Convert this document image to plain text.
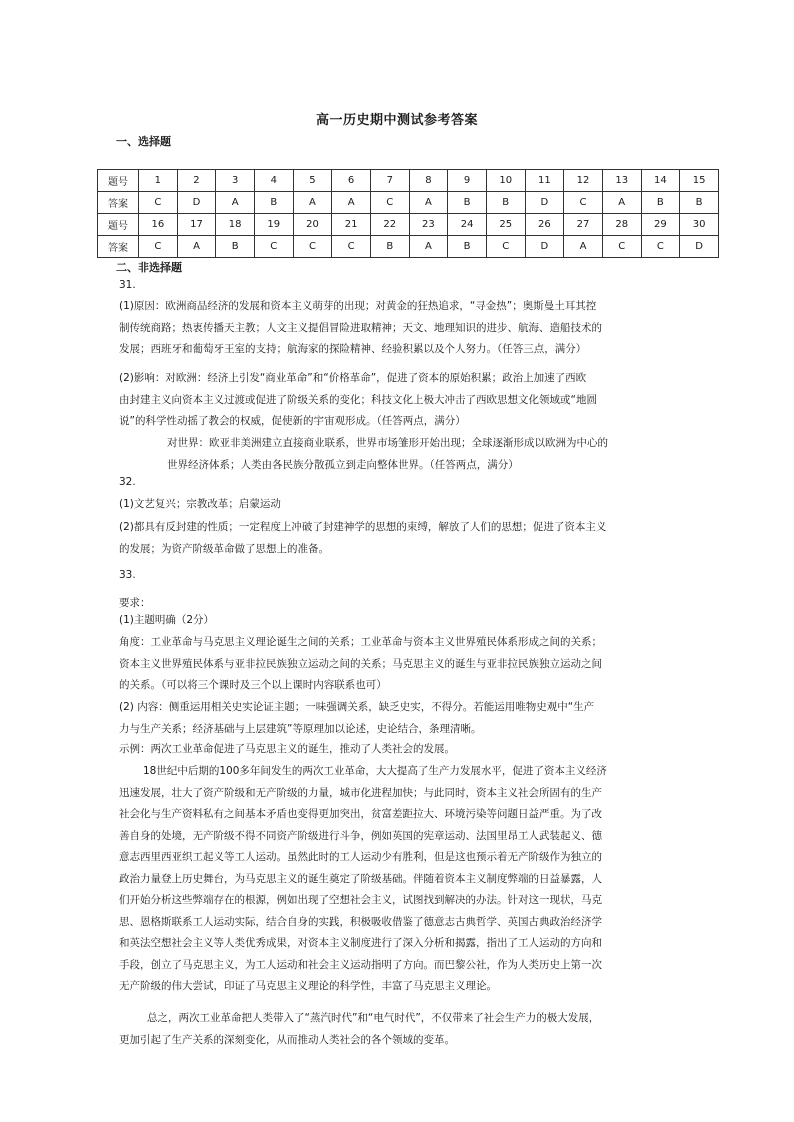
高一历史期中测试参考答案
一、选择题
题号	1	2	3	4	5	6	7	8	9	10	11	12	13	14	15
答案	C	D	A	B	A	A	C	A	B	B	D	C	A	B	B
题号	16	17	18	19	20	21	22	23	24	25	26	27	28	29	30
答案	C	A	B	C	C	C	B	A	B	C	D	A	C	C	D
二、非选择题
31.
(1)原因：欧洲商品经济的发展和资本主义萌芽的出现；对黄金的狂热追求，“寻金热”；奥斯曼土耳其控
制传统商路；热衷传播天主教；人文主义提倡冒险进取精神；天文、地理知识的进步、航海、造船技术的
发展；西班牙和葡萄牙王室的支持；航海家的探险精神、经验积累以及个人努力。（任答三点，满分）
(2)影响：对欧洲：经济上引发“商业革命”和“价格革命”，促进了资本的原始积累；政治上加速了西欧
由封建主义向资本主义过渡或促进了阶级关系的变化；科技文化上极大冲击了西欧思想文化领域或“地圆
说”的科学性动摇了教会的权威，促使新的宇宙观形成。（任答两点，满分）
对世界：欧亚非美洲建立直接商业联系，世界市场雏形开始出现；全球逐渐形成以欧洲为中心的
世界经济体系；人类由各民族分散孤立到走向整体世界。（任答两点，满分）
32.
(1)文艺复兴；宗教改革；启蒙运动
(2)都具有反封建的性质；一定程度上冲破了封建神学的思想的束缚，解放了人们的思想；促进了资本主义
的发展；为资产阶级革命做了思想上的准备。
33.
要求：
(1)主题明确（2分）
角度：工业革命与马克思主义理论诞生之间的关系；工业革命与资本主义世界殖民体系形成之间的关系；
资本主义世界殖民体系与亚非拉民族独立运动之间的关系；马克思主义的诞生与亚非拉民族独立运动之间
的关系。（可以将三个课时及三个以上课时内容联系也可）
(2) 内容：侧重运用相关史实论证主题；一味强调关系，缺乏史实，不得分。若能运用唯物史观中“生产
力与生产关系；经济基础与上层建筑”等原理加以论述，史论结合，条理清晰。
示例：两次工业革命促进了马克思主义的诞生，推动了人类社会的发展。
18世纪中后期的100多年间发生的两次工业革命，大大提高了生产力发展水平，促进了资本主义经济
迅速发展，壮大了资产阶级和无产阶级的力量，城市化进程加快；与此同时，资本主义社会所固有的生产
社会化与生产资料私有之间基本矛盾也变得更加突出，贫富差距拉大、环境污染等问题日益严重。为了改
善自身的处境，无产阶级不得不同资产阶级进行斗争，例如英国的宪章运动、法国里昂工人武装起义、德
意志西里西亚织工起义等工人运动。虽然此时的工人运动少有胜利，但是这也预示着无产阶级作为独立的
政治力量登上历史舞台，为马克思主义的诞生奠定了阶级基础。伴随着资本主义制度弊端的日益暴露，人
们开始分析这些弊端存在的根源，例如出现了空想社会主义，试图找到解决的办法。针对这一现状，马克
思、恩格斯联系工人运动实际，结合自身的实践，积极吸收借鉴了德意志古典哲学、英国古典政治经济学
和英法空想社会主义等人类优秀成果，对资本主义制度进行了深入分析和揭露，指出了工人运动的方向和
手段，创立了马克思主义，为工人运动和社会主义运动指明了方向。而巴黎公社，作为人类历史上第一次
无产阶级的伟大尝试，印证了马克思主义理论的科学性，丰富了马克思主义理论。
总之，两次工业革命把人类带入了“蒸汽时代”和“电气时代”，不仅带来了社会生产力的极大发展，
更加引起了生产关系的深刻变化，从而推动人类社会的各个领域的变革。
